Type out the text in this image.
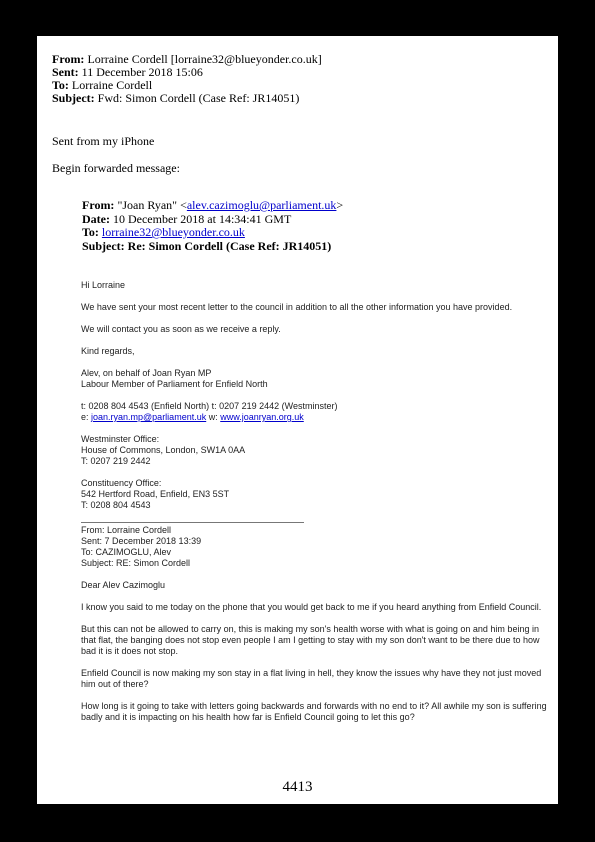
From: Lorraine Cordell [lorraine32@blueyonder.co.uk]
Sent: 11 December 2018 15:06
To: Lorraine Cordell
Subject: Fwd: Simon Cordell (Case Ref: JR14051)
Sent from my iPhone
Begin forwarded message:
From: "Joan Ryan" <alev.cazimoglu@parliament.uk>
Date: 10 December 2018 at 14:34:41 GMT
To: lorraine32@blueyonder.co.uk
Subject: Re: Simon Cordell (Case Ref: JR14051)

Hi Lorraine

We have sent your most recent letter to the council in addition to all the other information you have provided.

We will contact you as soon as we receive a reply.

Kind regards,

Alev, on behalf of Joan Ryan MP
Labour Member of Parliament for Enfield North

t: 0208 804 4543 (Enfield North) t: 0207 219 2442 (Westminster)
e: joan.ryan.mp@parliament.uk w: www.joanryan.org.uk

Westminster Office:
House of Commons, London, SW1A 0AA
T: 0207 219 2442

Constituency Office:
542 Hertford Road, Enfield, EN3 5ST
T: 0208 804 4543

From: Lorraine Cordell
Sent: 7 December 2018 13:39
To: CAZIMOGLU, Alev
Subject: RE: Simon Cordell

Dear Alev Cazimoglu

I know you said to me today on the phone that you would get back to me if you heard anything from Enfield Council.

But this can not be allowed to carry on, this is making my son's health worse with what is going on and him being in that flat, the banging does not stop even people I am I getting to stay with my son don't want to be there due to how bad it is it does not stop.

Enfield Council is now making my son stay in a flat living in hell, they know the issues why have they not just moved him out of there?

How long is it going to take with letters going backwards and forwards with no end to it? All awhile my son is suffering badly and it is impacting on his health how far is Enfield Council going to let this go?

4413
